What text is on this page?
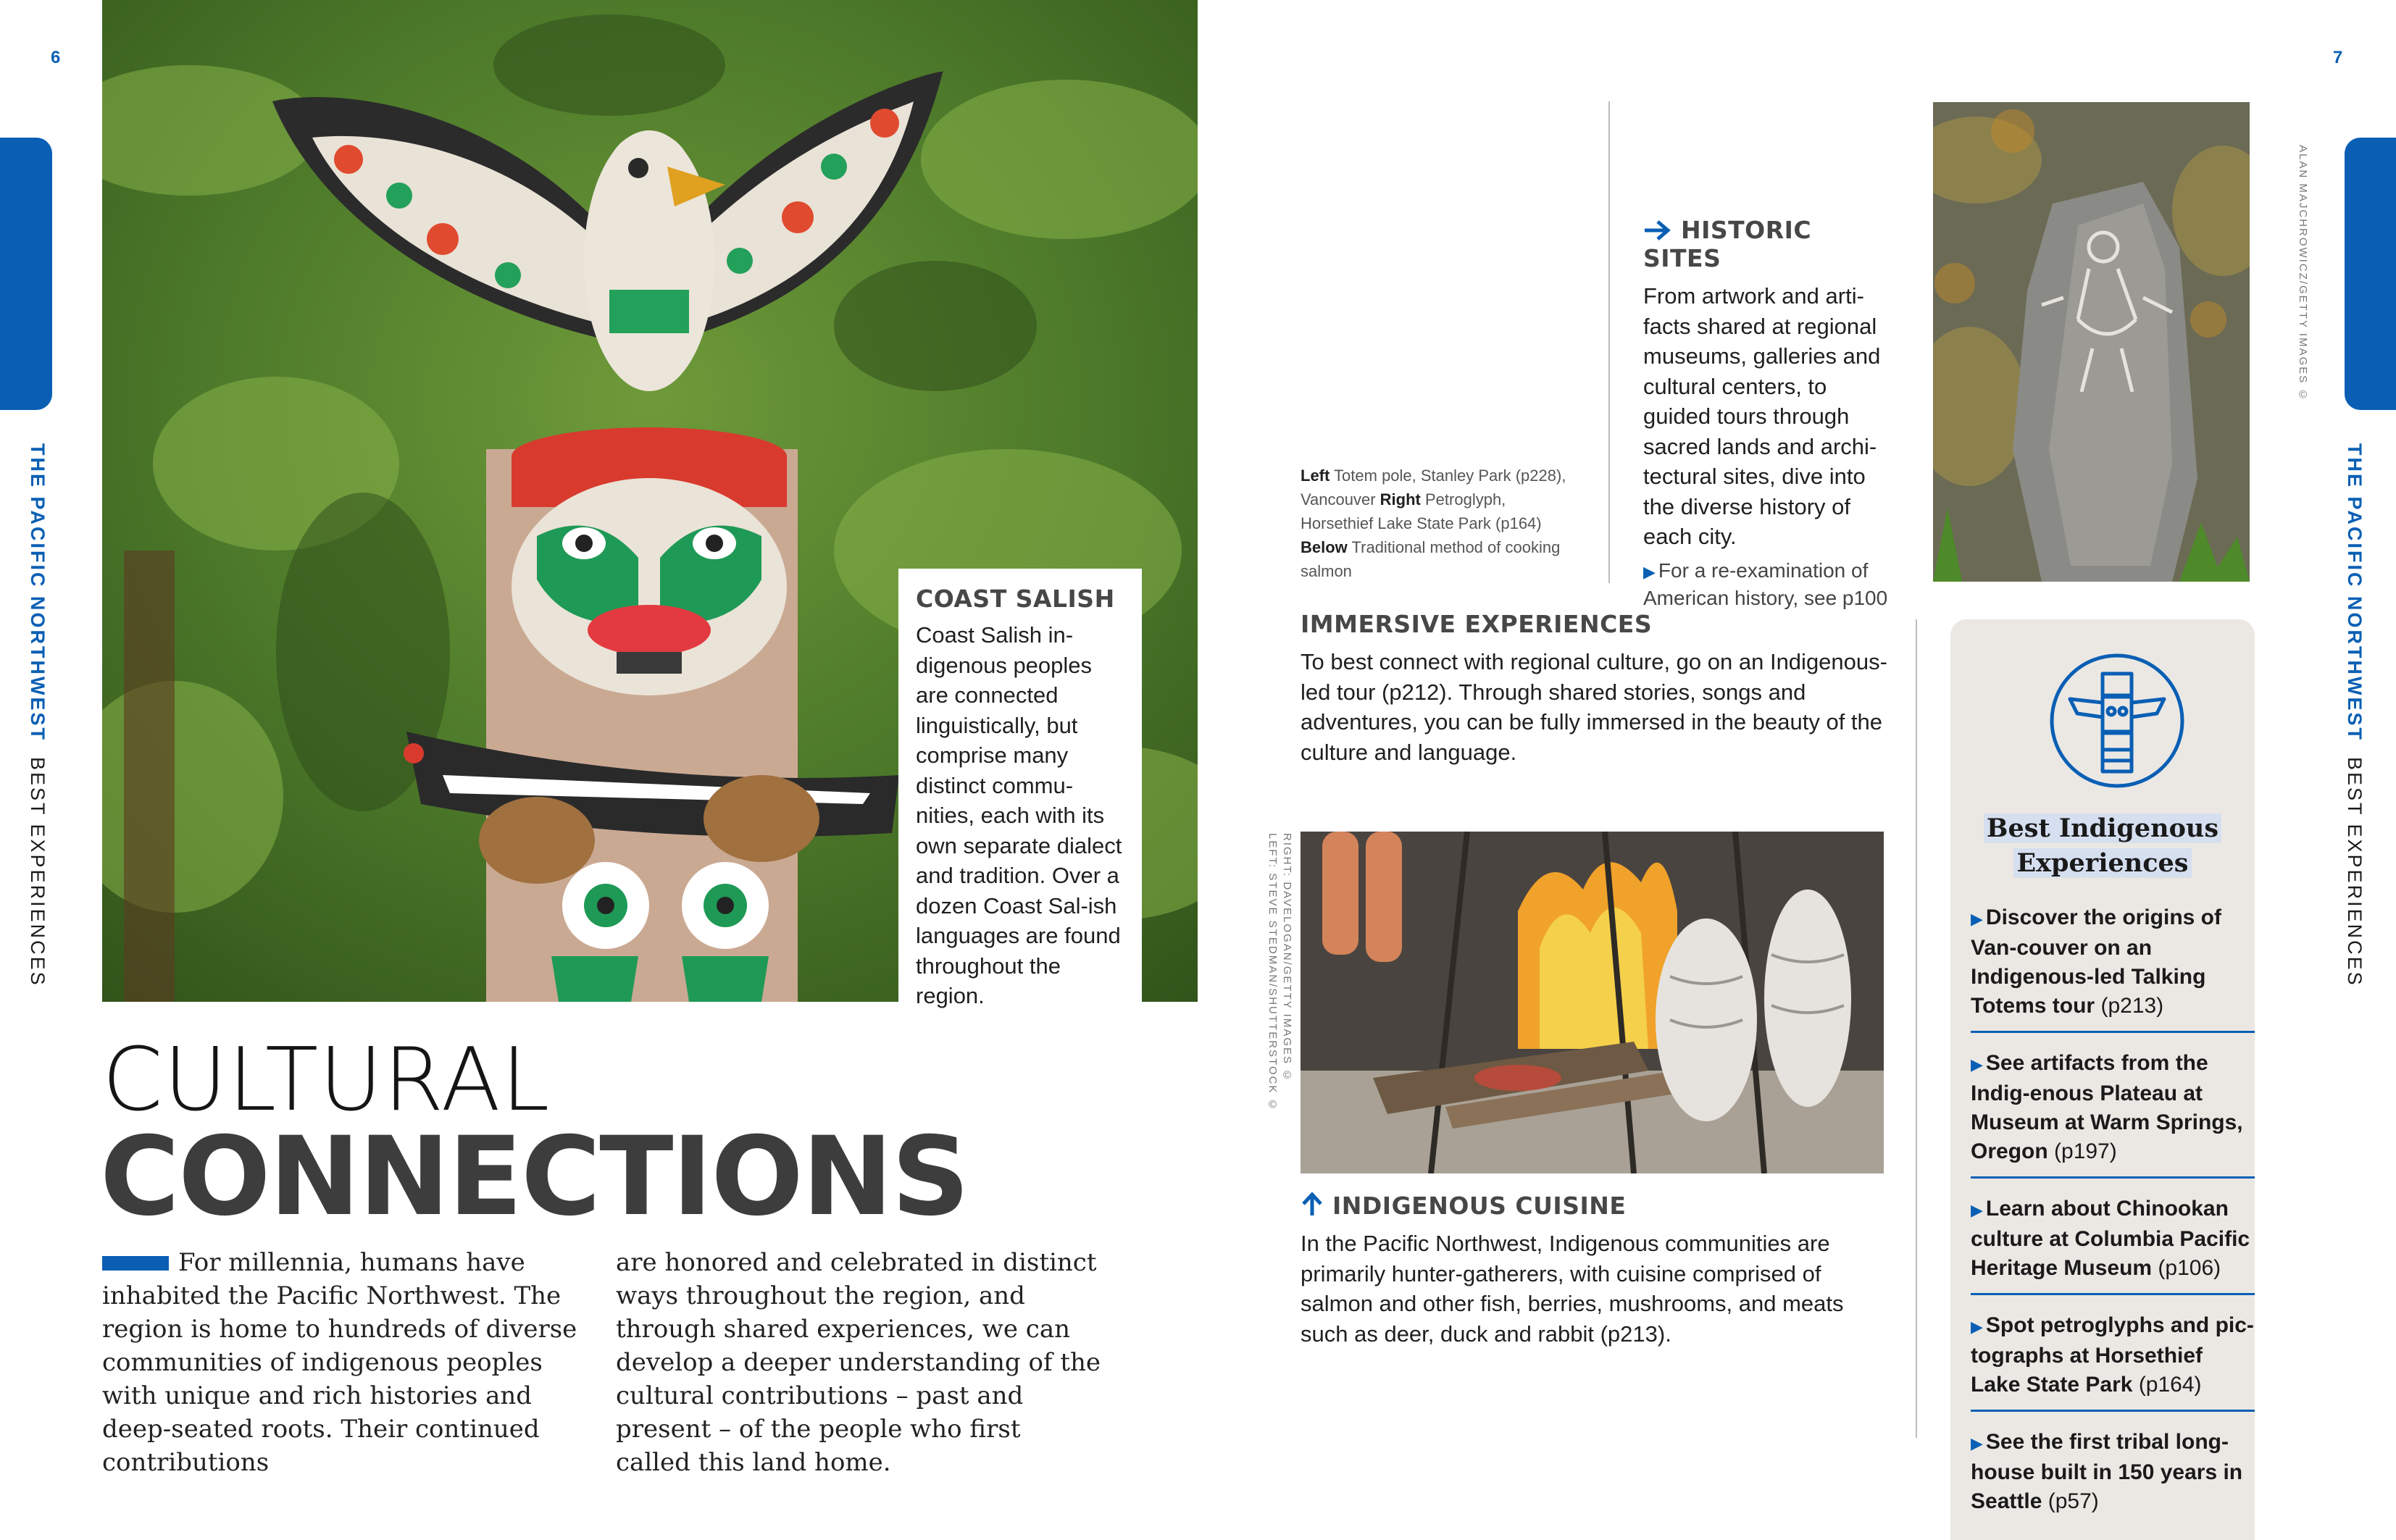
6
THE PACIFIC NORTHWEST  BEST EXPERIENCES
COAST SALISH
Coast Salish in-digenous peoples are connected linguistically, but comprise many distinct commu-nities, each with its own separate dialect and tradition. Over a dozen Coast Sal-ish languages are found throughout the region.
CULTURAL
CONNECTIONS
For millennia, humans have inhabited the Pacific Northwest. The region is home to hundreds of diverse communities of indigenous peoples with unique and rich histories and deep-seated roots. Their continued contributions
are honored and celebrated in distinct ways throughout the region, and through shared experiences, we can develop a deeper understanding of the cultural contributions – past and present – of the people who first called this land home.
7
THE PACIFIC NORTHWEST  BEST EXPERIENCES
Left Totem pole, Stanley Park (p228), Vancouver Right Petroglyph, Horsethief Lake State Park (p164)
Below Traditional method of cooking salmon
HISTORIC SITES
From artwork and arti-facts shared at regional museums, galleries and cultural centers, to guided tours through sacred lands and archi-tectural sites, dive into the diverse history of each city.
▶ For a re-examination of American history, see p100
ALAN MAJCHROWICZ/GETTY IMAGES ©
IMMERSIVE EXPERIENCES
To best connect with regional culture, go on an Indigenous-led tour (p212). Through shared stories, songs and adventures, you can be fully immersed in the beauty of the culture and language.
RIGHT: DAVELOGAN/GETTY IMAGES ©
LEFT: STEVE STEDMAN/SHUTTERSTOCK ©
INDIGENOUS CUISINE
In the Pacific Northwest, Indigenous communities are primarily hunter-gatherers, with cuisine comprised of salmon and other fish, berries, mushrooms, and meats such as deer, duck and rabbit (p213).
Best Indigenous
Experiences
▶ Discover the origins of Van-couver on an Indigenous-led Talking Totems tour (p213)
▶ See artifacts from the Indig-enous Plateau at Museum at Warm Springs, Oregon (p197)
▶ Learn about Chinookan culture at Columbia Pacific Heritage Museum (p106)
▶ Spot petroglyphs and pic-tographs at Horsethief Lake State Park (p164)
▶ See the first tribal long-house built in 150 years in Seattle (p57)
